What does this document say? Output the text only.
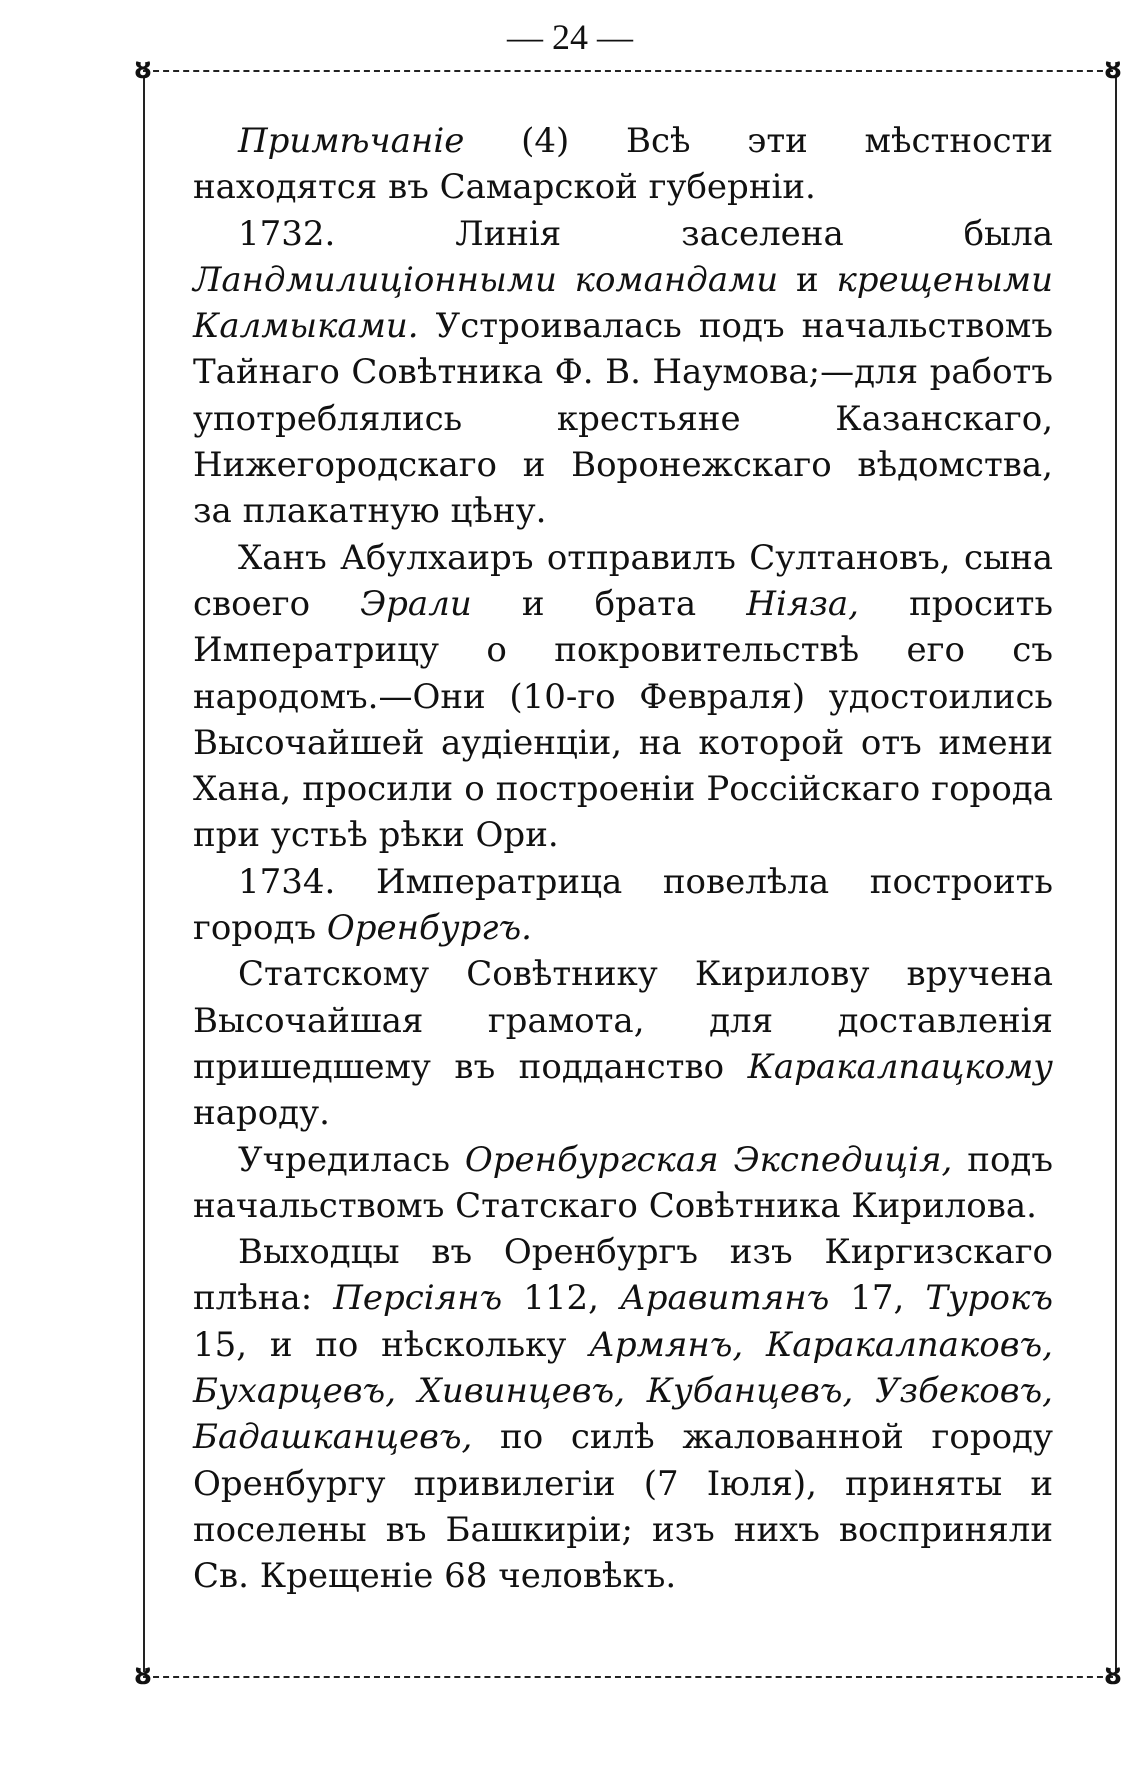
— 24 —
ȣ	ȣ
ȣ	ȣ

Примѣчаніе (4) Всѣ эти мѣстности находятся въ Самарской губерніи.

1732. Линія заселена была Ландмилиціонными командами и крещеными Калмыками. Устроивалась подъ начальствомъ Тайнаго Совѣтника Ф. В. Наумова;—для работъ употреблялись крестьяне Казанскаго, Нижегородскаго и Воронежскаго вѣдомства, за плакатную цѣну.

Ханъ Абулхаиръ отправилъ Султановъ, сына своего Эрали и брата Ніяза, просить Императрицу о покровительствѣ его съ народомъ.—Они (10-го Февраля) удостоились Высочайшей аудіенціи, на которой отъ имени Хана, просили о построеніи Россійскаго города при устьѣ рѣки Ори.

1734. Императрица повелѣла построить городъ Оренбургъ.

Статскому Совѣтнику Кирилову вручена Высочайшая грамота, для доставленія пришедшему въ подданство Каракалпацкому народу.

Учредилась Оренбургская Экспедиція, подъ начальствомъ Статскаго Совѣтника Кирилова.

Выходцы въ Оренбургъ изъ Киргизскаго плѣна: Персіянъ 112, Аравитянъ 17, Турокъ 15, и по нѣскольку Армянъ, Каракалпаковъ, Бухарцевъ, Хивинцевъ, Кубанцевъ, Узбековъ, Бадашканцевъ, по силѣ жалованной городу Оренбургу привилегіи (7 Іюля), приняты и поселены въ Башкиріи; изъ нихъ восприняли Св. Крещеніе 68 человѣкъ.
